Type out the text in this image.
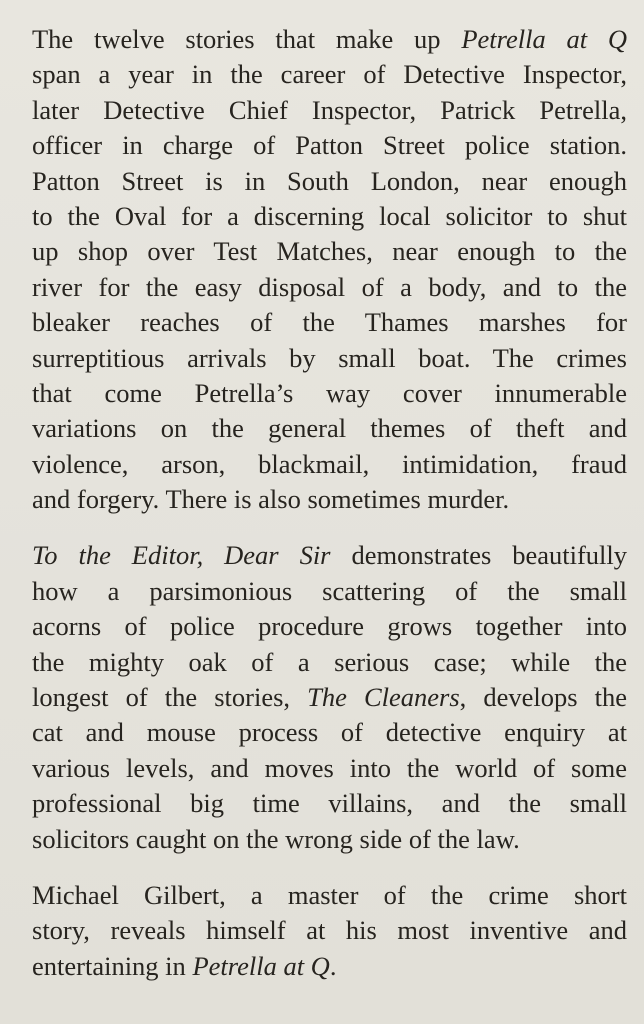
The twelve stories that make up Petrella at Q
span a year in the career of Detective Inspector,
later Detective Chief Inspector, Patrick Petrella,
officer in charge of Patton Street police station.
Patton Street is in South London, near enough
to the Oval for a discerning local solicitor to shut
up shop over Test Matches, near enough to the
river for the easy disposal of a body, and to the
bleaker reaches of the Thames marshes for
surreptitious arrivals by small boat. The crimes
that come Petrella’s way cover innumerable
variations on the general themes of theft and
violence, arson, blackmail, intimidation, fraud
and forgery. There is also sometimes murder.
To the Editor, Dear Sir demonstrates beautifully
how a parsimonious scattering of the small
acorns of police procedure grows together into
the mighty oak of a serious case; while the
longest of the stories, The Cleaners, develops the
cat and mouse process of detective enquiry at
various levels, and moves into the world of some
professional big time villains, and the small
solicitors caught on the wrong side of the law.
Michael Gilbert, a master of the crime short
story, reveals himself at his most inventive and
entertaining in Petrella at Q.
